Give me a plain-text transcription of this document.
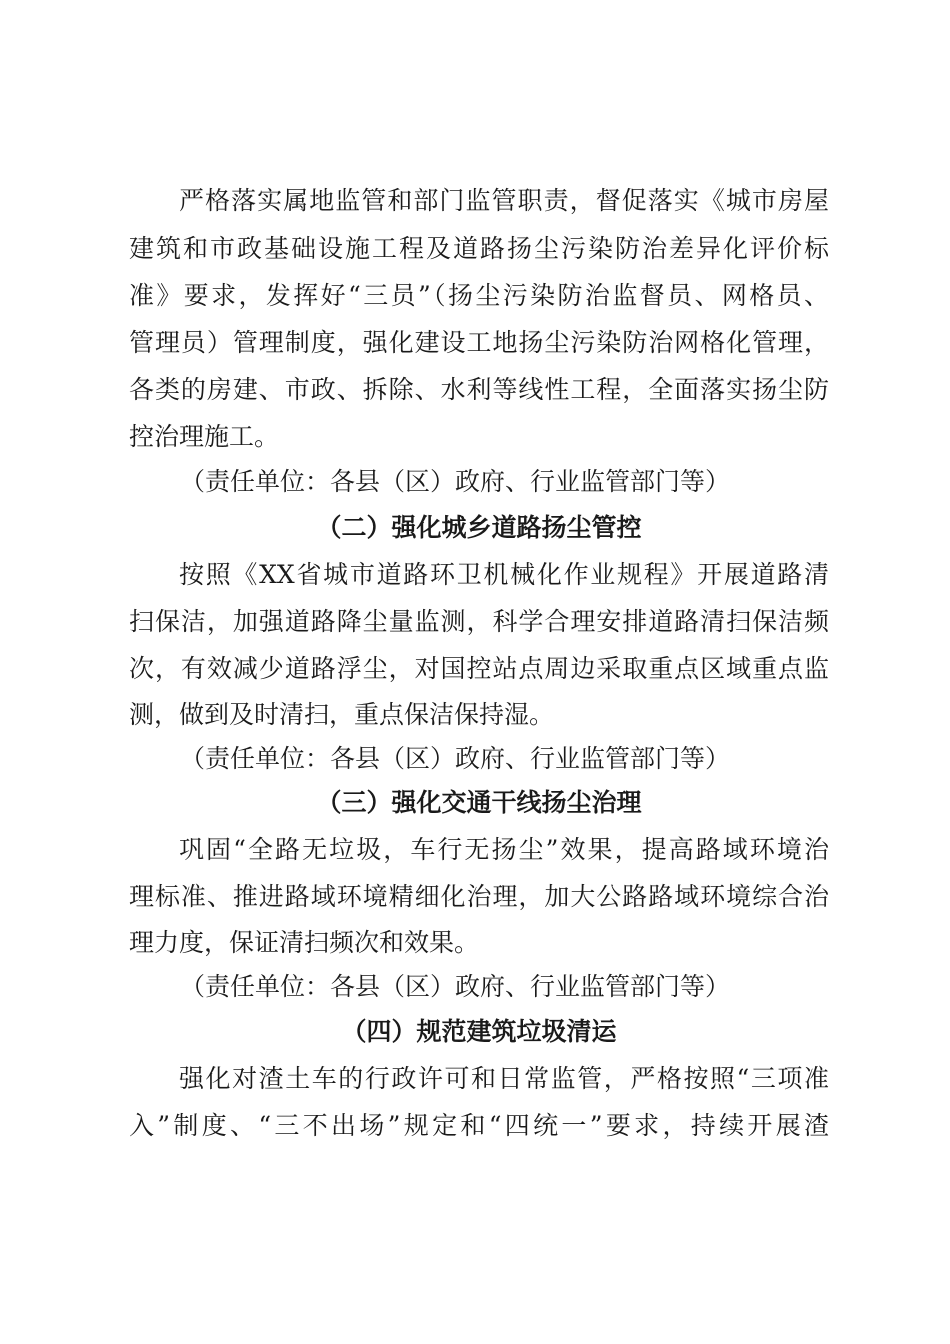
严格落实属地监管和部门监管职责，督促落实《城市房屋
建筑和市政基础设施工程及道路扬尘污染防治差异化评价标
准》要求，发挥好“三员”（扬尘污染防治监督员、网格员、
管理员）管理制度，强化建设工地扬尘污染防治网格化管理，
各类的房建、市政、拆除、水利等线性工程，全面落实扬尘防
控治理施工。
（责任单位：各县（区）政府、行业监管部门等）
（二）强化城乡道路扬尘管控
按照《XX省城市道路环卫机械化作业规程》开展道路清
扫保洁，加强道路降尘量监测，科学合理安排道路清扫保洁频
次，有效减少道路浮尘，对国控站点周边采取重点区域重点监
测，做到及时清扫，重点保洁保持湿。
（责任单位：各县（区）政府、行业监管部门等）
（三）强化交通干线扬尘治理
巩固“全路无垃圾，车行无扬尘”效果，提高路域环境治
理标准、推进路域环境精细化治理，加大公路路域环境综合治
理力度，保证清扫频次和效果。
（责任单位：各县（区）政府、行业监管部门等）
（四）规范建筑垃圾清运
强化对渣土车的行政许可和日常监管，严格按照“三项准
入”制度、“三不出场”规定和“四统一”要求，持续开展渣
